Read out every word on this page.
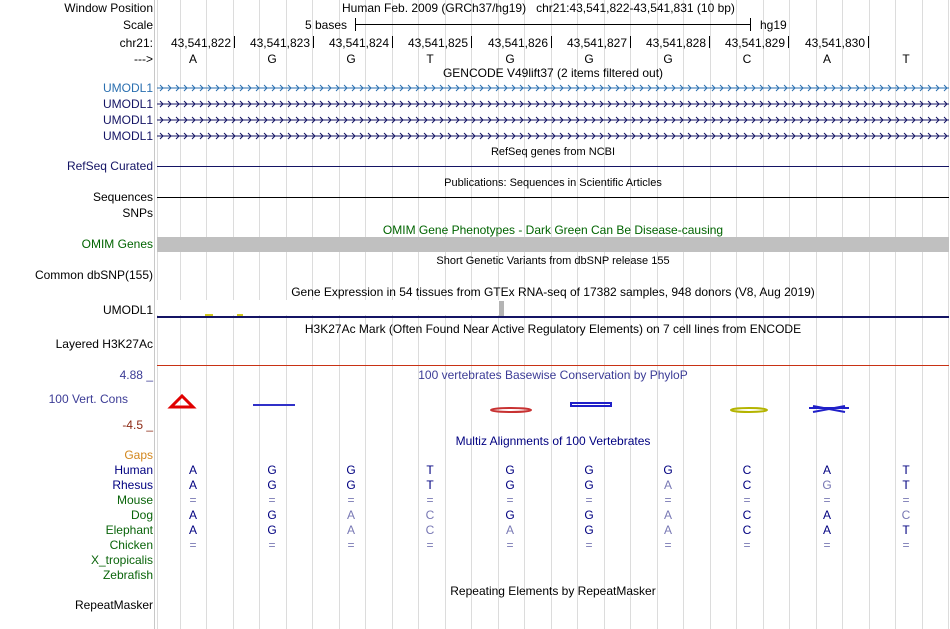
Window Position	Human Feb. 2009 (GRCh37/hg19)   chr21:43,541,822-43,541,831 (10 bp)
Scale	5 bases	hg19
chr21: 43,541,822 43,541,823 43,541,824 43,541,825 43,541,826 43,541,827 43,541,828 43,541,829 43,541,830
--->	A	G	G	T	G	G	G	C	A	T
GENCODE V49lift37 (2 items filtered out)
UMODL1
UMODL1
UMODL1
UMODL1
RefSeq genes from NCBI
RefSeq Curated
Publications: Sequences in Scientific Articles
Sequences
SNPs
OMIM Gene Phenotypes - Dark Green Can Be Disease-causing
OMIM Genes
Short Genetic Variants from dbSNP release 155
Common dbSNP(155)
Gene Expression in 54 tissues from GTEx RNA-seq of 17382 samples, 948 donors (V8, Aug 2019)
UMODL1
H3K27Ac Mark (Often Found Near Active Regulatory Elements) on 7 cell lines from ENCODE
Layered H3K27Ac
100 vertebrates Basewise Conservation by PhyloP
4.88 _
100 Vert. Cons
-4.5 _
Multiz Alignments of 100 Vertebrates
Gaps
Human	A	G	G	T	G	G	G	C	A	T
Rhesus	A	G	G	T	G	G	A	C	G	T
Mouse	=	=	=	=	=	=	=	=	=	=
Dog	A	G	A	C	G	G	A	C	A	C
Elephant	A	G	A	C	A	G	A	C	A	T
Chicken	=	=	=	=	=	=	=	=	=	=
X_tropicalis
Zebrafish
Repeating Elements by RepeatMasker
RepeatMasker
